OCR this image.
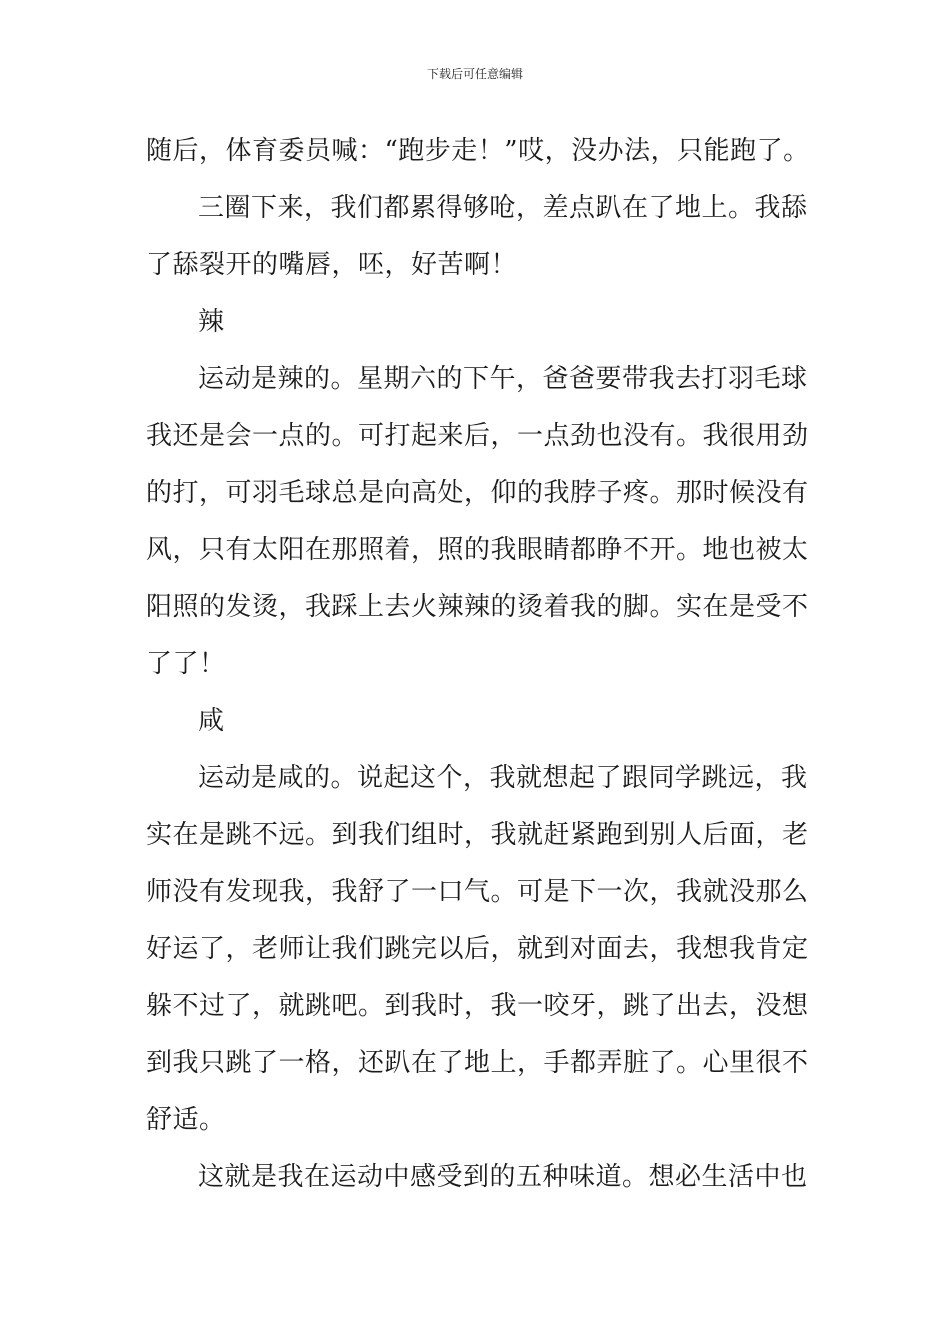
下载后可任意编辑
随后，体育委员喊：“跑步走！”哎，没办法，只能跑了。
三圈下来，我们都累得够呛，差点趴在了地上。我舔
了舔裂开的嘴唇，呸，好苦啊！
辣
运动是辣的。星期六的下午，爸爸要带我去打羽毛球
我还是会一点的。可打起来后，一点劲也没有。我很用劲
的打，可羽毛球总是向高处，仰的我脖子疼。那时候没有
风，只有太阳在那照着，照的我眼睛都睁不开。地也被太
阳照的发烫，我踩上去火辣辣的烫着我的脚。实在是受不
了了！
咸
运动是咸的。说起这个，我就想起了跟同学跳远，我
实在是跳不远。到我们组时，我就赶紧跑到别人后面，老
师没有发现我，我舒了一口气。可是下一次，我就没那么
好运了，老师让我们跳完以后，就到对面去，我想我肯定
躲不过了，就跳吧。到我时，我一咬牙，跳了出去，没想
到我只跳了一格，还趴在了地上，手都弄脏了。心里很不
舒适。
这就是我在运动中感受到的五种味道。想必生活中也
